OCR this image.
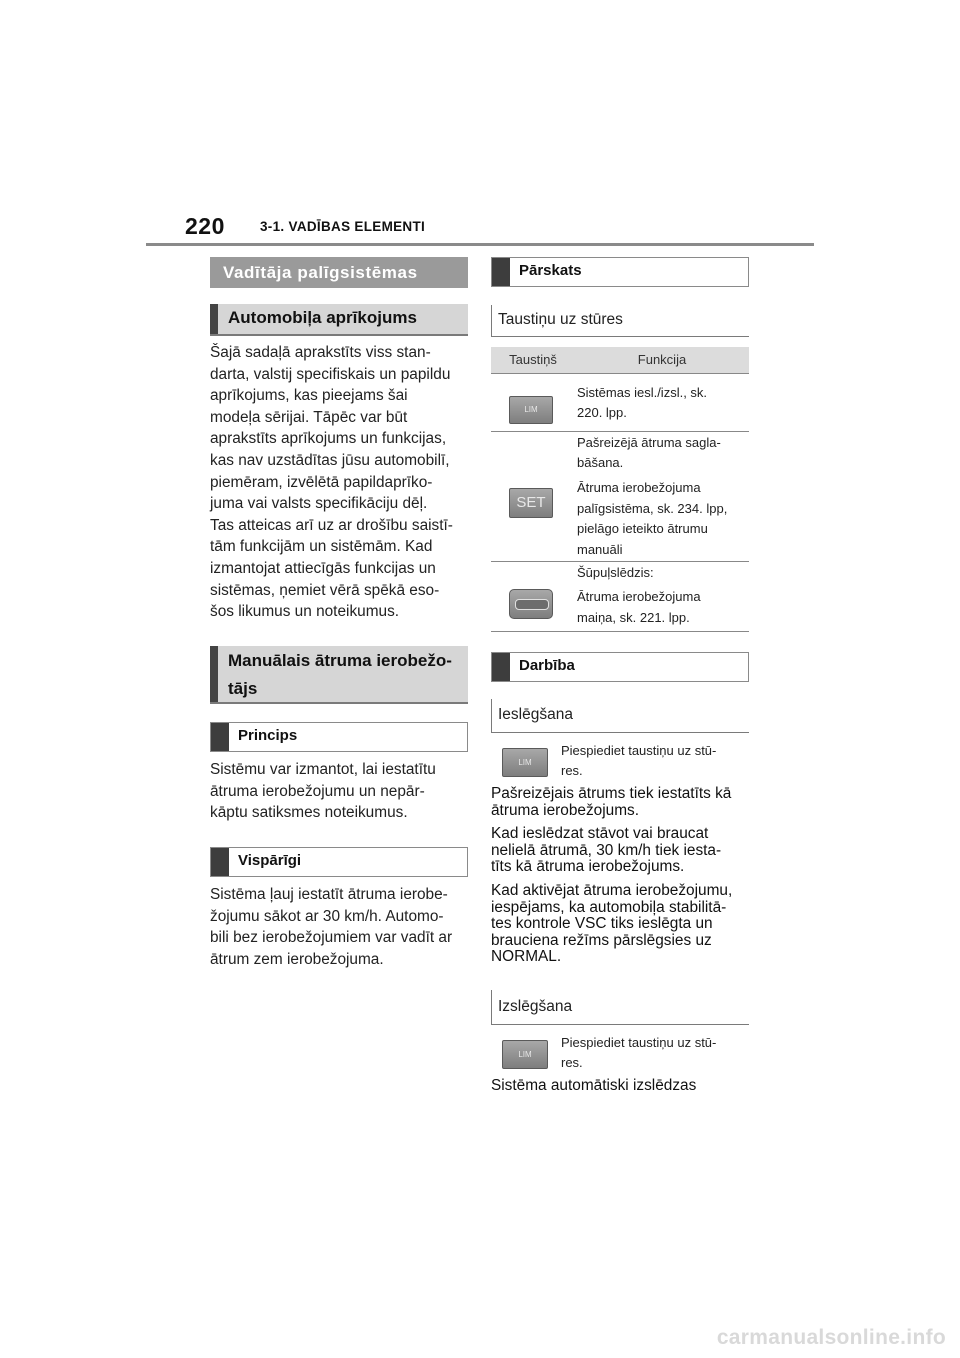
220	3-1. VADĪBAS ELEMENTI
Vadītāja palīgsistēmas
Automobiļa aprīkojums
Šajā sadaļā aprakstīts viss stan-
darta, valstij specifiskais un papildu
aprīkojums, kas pieejams šai
modeļa sērijai. Tāpēc var būt
aprakstīts aprīkojums un funkcijas,
kas nav uzstādītas jūsu automobilī,
piemēram, izvēlētā papildaprīko-
juma vai valsts specifikāciju dēļ.
Tas atteicas arī uz ar drošību saistī-
tām funkcijām un sistēmām. Kad
izmantojat attiecīgās funkcijas un
sistēmas, ņemiet vērā spēkā eso-
šos likumus un noteikumus.
Manuālais ātruma ierobežo-
tājs
Princips
Sistēmu var izmantot, lai iestatītu
ātruma ierobežojumu un nepār-
kāptu satiksmes noteikumus.
Vispārīgi
Sistēma ļauj iestatīt ātruma ierobe-
žojumu sākot ar 30 km/h. Automo-
bili bez ierobežojumiem var vadīt ar
ātrum zem ierobežojuma.
Pārskats
Taustiņu uz stūres
Taustiņš	Funkcija
LIM
Sistēmas iesl./izsl., sk.
220. lpp.
SET
Pašreizējā ātruma sagla-
bāšana.
Ātruma ierobežojuma
palīgsistēma, sk. 234. lpp,
pielāgo ieteikto ātrumu
manuāli
Šūpuļslēdzis:
Ātruma ierobežojuma
maiņa, sk. 221. lpp.
Darbība
Ieslēgšana
LIM
Piespiediet taustiņu uz stū-
res.
Pašreizējais ātrums tiek iestatīts kā
ātruma ierobežojums.
Kad ieslēdzat stāvot vai braucat
nelielā ātrumā, 30 km/h tiek iesta-
tīts kā ātruma ierobežojums.
Kad aktivējat ātruma ierobežojumu,
iespējams, ka automobiļa stabilitā-
tes kontrole VSC tiks ieslēgta un
brauciena režīms pārslēgsies uz
NORMAL.
Izslēgšana
LIM
Piespiediet taustiņu uz stū-
res.
Sistēma automātiski izslēdzas
carmanualsonline.info
